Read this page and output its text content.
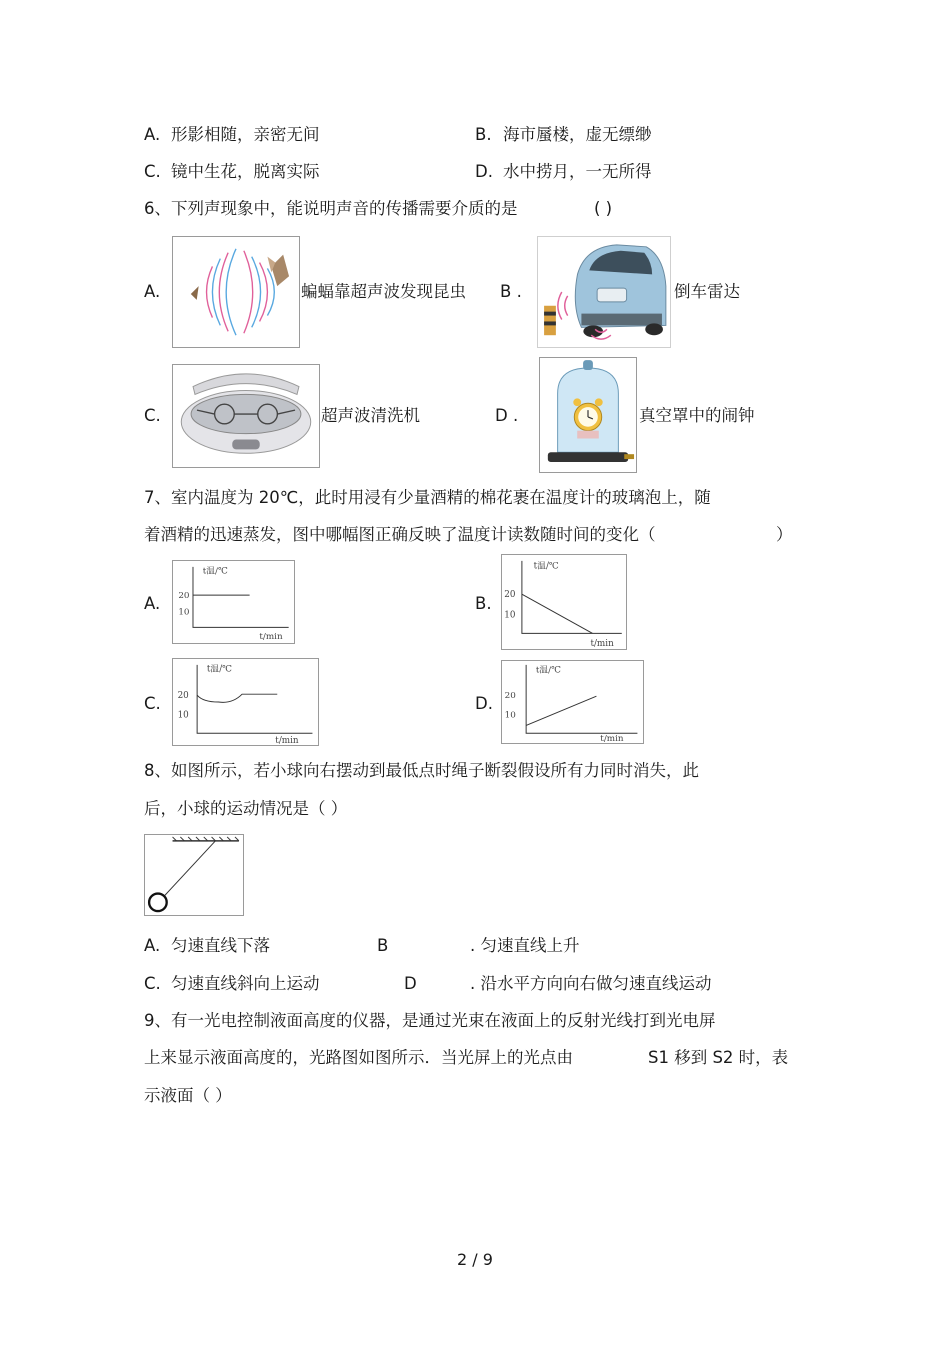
A. 形影相随，亲密无间	B. 海市蜃楼，虚无缥缈
C. 镜中生花，脱离实际	D. 水中捞月，一无所得
6、下列声现象中，能说明声音的传播需要介质的是	( )
A.	蝙蝠靠超声波发现昆虫 B .	倒车雷达
C.	超声波清洗机	D .	真空罩中的闹钟
7、室内温度为 20℃，此时用浸有少量酒精的棉花裹在温度计的玻璃泡上，随
着酒精的迅速蒸发，图中哪幅图正确反映了温度计读数随时间的变化（	）
A.
t温/℃
20
10
t/min
B.
t温/℃
20
10
t/min
C.
t温/℃
20
10
t/min
D.
t温/℃
20
10
t/min
8、如图所示，若小球向右摆动到最低点时绳子断裂假设所有力同时消失，此
后，小球的运动情况是（ ）
A. 匀速直线下落	B	. 匀速直线上升
C. 匀速直线斜向上运动	D	. 沿水平方向向右做匀速直线运动
9、有一光电控制液面高度的仪器，是通过光束在液面上的反射光线打到光电屏
上来显示液面高度的，光路图如图所示．当光屏上的光点由	S1 移到 S2 时，表
示液面（ ）
2 / 9
